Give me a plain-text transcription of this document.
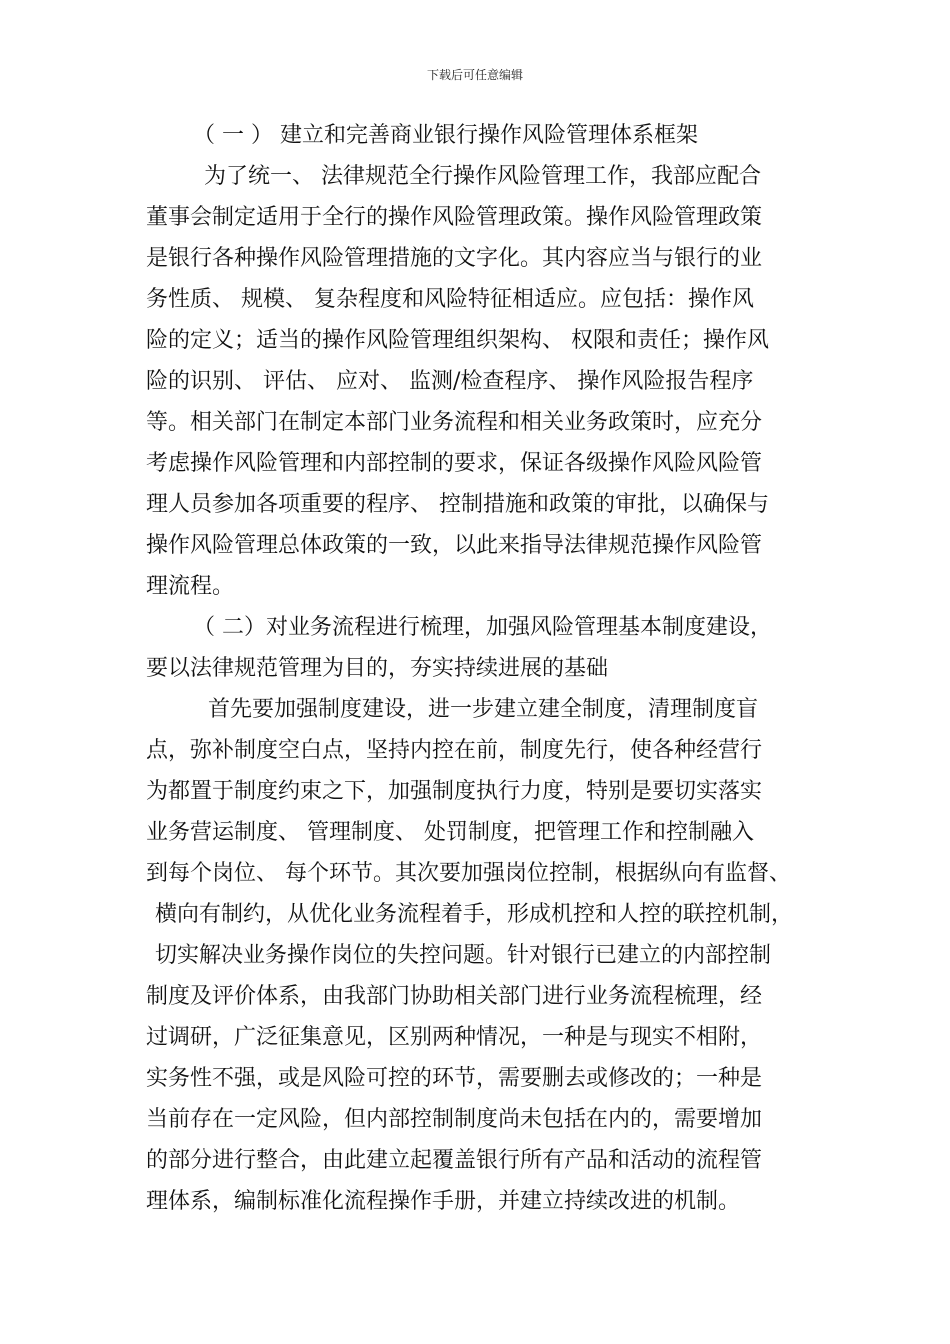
下载后可任意编辑
（ 一 ） 建立和完善商业银行操作风险管理体系框架
为了统一、 法律规范全行操作风险管理工作，我部应配合
董事会制定适用于全行的操作风险管理政策。操作风险管理政策
是银行各种操作风险管理措施的文字化。其内容应当与银行的业
务性质、 规模、 复杂程度和风险特征相适应。应包括：操作风
险的定义；适当的操作风险管理组织架构、 权限和责任；操作风
险的识别、 评估、 应对、 监测/检查程序、 操作风险报告程序
等。相关部门在制定本部门业务流程和相关业务政策时，应充分
考虑操作风险管理和内部控制的要求，保证各级操作风险风险管
理人员参加各项重要的程序、 控制措施和政策的审批，以确保与
操作风险管理总体政策的一致，以此来指导法律规范操作风险管
理流程。
（ 二）对业务流程进行梳理，加强风险管理基本制度建设，
要以法律规范管理为目的，夯实持续进展的基础
首先要加强制度建设，进一步建立建全制度，清理制度盲
点，弥补制度空白点，坚持内控在前，制度先行，使各种经营行
为都置于制度约束之下，加强制度执行力度，特别是要切实落实
业务营运制度、 管理制度、 处罚制度，把管理工作和控制融入
到每个岗位、 每个环节。其次要加强岗位控制，根据纵向有监督、
横向有制约，从优化业务流程着手，形成机控和人控的联控机制，
切实解决业务操作岗位的失控问题。针对银行已建立的内部控制
制度及评价体系，由我部门协助相关部门进行业务流程梳理，经
过调研，广泛征集意见，区别两种情况，一种是与现实不相附，
实务性不强，或是风险可控的环节，需要删去或修改的；一种是
当前存在一定风险，但内部控制制度尚未包括在内的，需要增加
的部分进行整合，由此建立起覆盖银行所有产品和活动的流程管
理体系，编制标准化流程操作手册，并建立持续改进的机制。
